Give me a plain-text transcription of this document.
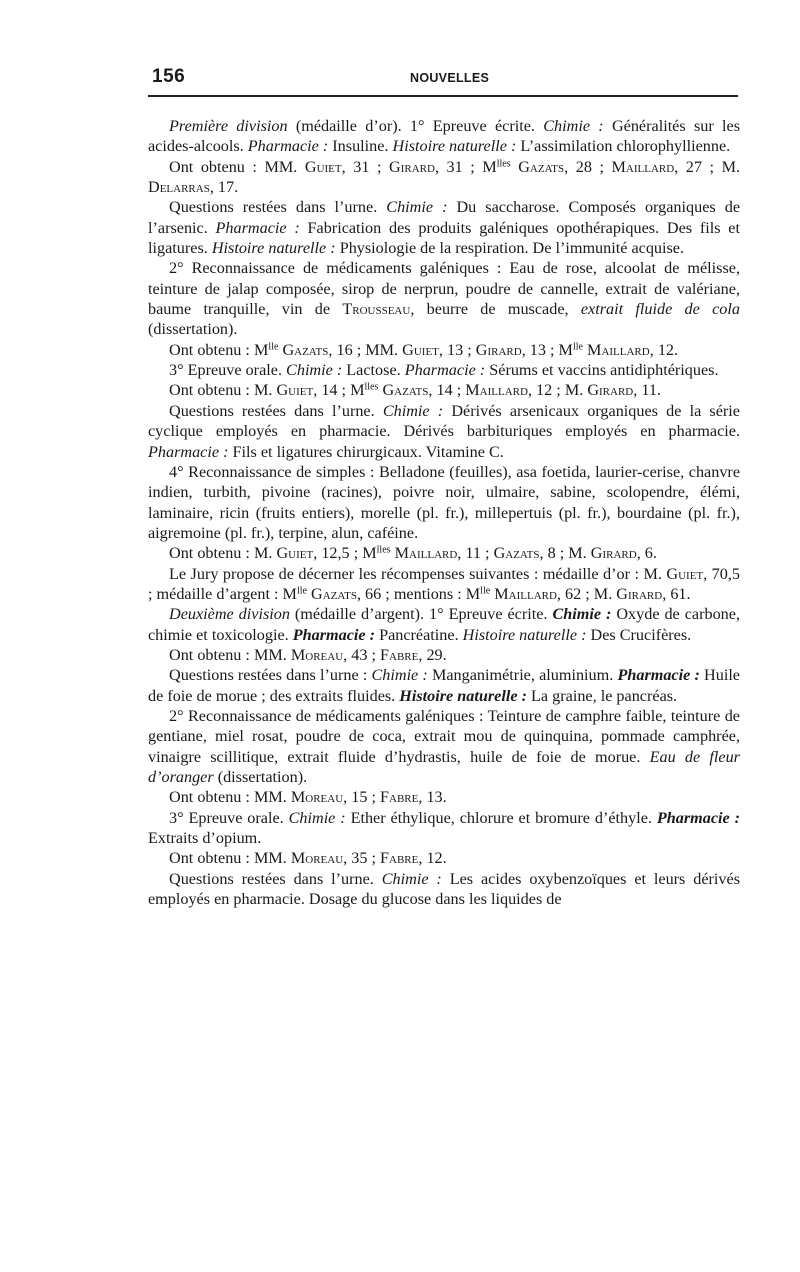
156	NOUVELLES

Première division (médaille d’or). 1° Epreuve écrite. Chimie : Généralités sur les acides-alcools. Pharmacie : Insuline. Histoire naturelle : L’assimilation chlorophyllienne.

Ont obtenu : MM. Guiet, 31 ; Girard, 31 ; $M^{lles}$ Gazats, 28 ; Maillard, 27 ; M. Delarras, 17.

Questions restées dans l’urne. Chimie : Du saccharose. Composés organiques de l’arsenic. Pharmacie : Fabrication des produits galéniques opothérapiques. Des fils et ligatures. Histoire naturelle : Physiologie de la respiration. De l’immunité acquise.

2° Reconnaissance de médicaments galéniques : Eau de rose, alcoolat de mélisse, teinture de jalap composée, sirop de nerprun, poudre de cannelle, extrait de valériane, baume tranquille, vin de Trousseau, beurre de muscade, extrait fluide de cola (dissertation).

Ont obtenu : $M^{lle}$ Gazats, 16 ; MM. Guiet, 13 ; Girard, 13 ; $M^{lle}$ Maillard, 12.

3° Epreuve orale. Chimie : Lactose. Pharmacie : Sérums et vaccins antidiphtériques.

Ont obtenu : M. Guiet, 14 ; $M^{lles}$ Gazats, 14 ; Maillard, 12 ; M. Girard, 11.

Questions restées dans l’urne. Chimie : Dérivés arsenicaux organiques de la série cyclique employés en pharmacie. Dérivés barbituriques employés en pharmacie. Pharmacie : Fils et ligatures chirurgicaux. Vitamine C.

4° Reconnaissance de simples : Belladone (feuilles), asa foetida, laurier-cerise, chanvre indien, turbith, pivoine (racines), poivre noir, ulmaire, sabine, scolopendre, élémi, laminaire, ricin (fruits entiers), morelle (pl. fr.), millepertuis (pl. fr.), bourdaine (pl. fr.), aigremoine (pl. fr.), terpine, alun, caféine.

Ont obtenu : M. Guiet, 12,5 ; $M^{lles}$ Maillard, 11 ; Gazats, 8 ; M. Girard, 6.

Le Jury propose de décerner les récompenses suivantes : médaille d’or : M. Guiet, 70,5 ; médaille d’argent : $M^{lle}$ Gazats, 66 ; mentions : $M^{lle}$ Maillard, 62 ; M. Girard, 61.

Deuxième division (médaille d’argent). 1° Epreuve écrite. Chimie : Oxyde de carbone, chimie et toxicologie. Pharmacie : Pancréatine. Histoire naturelle : Des Crucifères.

Ont obtenu : MM. Moreau, 43 ; Fabre, 29.

Questions restées dans l’urne : Chimie : Manganimétrie, aluminium. Pharmacie : Huile de foie de morue ; des extraits fluides. Histoire naturelle : La graine, le pancréas.

2° Reconnaissance de médicaments galéniques : Teinture de camphre faible, teinture de gentiane, miel rosat, poudre de coca, extrait mou de quinquina, pommade camphrée, vinaigre scillitique, extrait fluide d’hydrastis, huile de foie de morue. Eau de fleur d’oranger (dissertation).

Ont obtenu : MM. Moreau, 15 ; Fabre, 13.

3° Epreuve orale. Chimie : Ether éthylique, chlorure et bromure d’éthyle. Pharmacie : Extraits d’opium.

Ont obtenu : MM. Moreau, 35 ; Fabre, 12.

Questions restées dans l’urne. Chimie : Les acides oxybenzoïques et leurs dérivés employés en pharmacie. Dosage du glucose dans les liquides de
